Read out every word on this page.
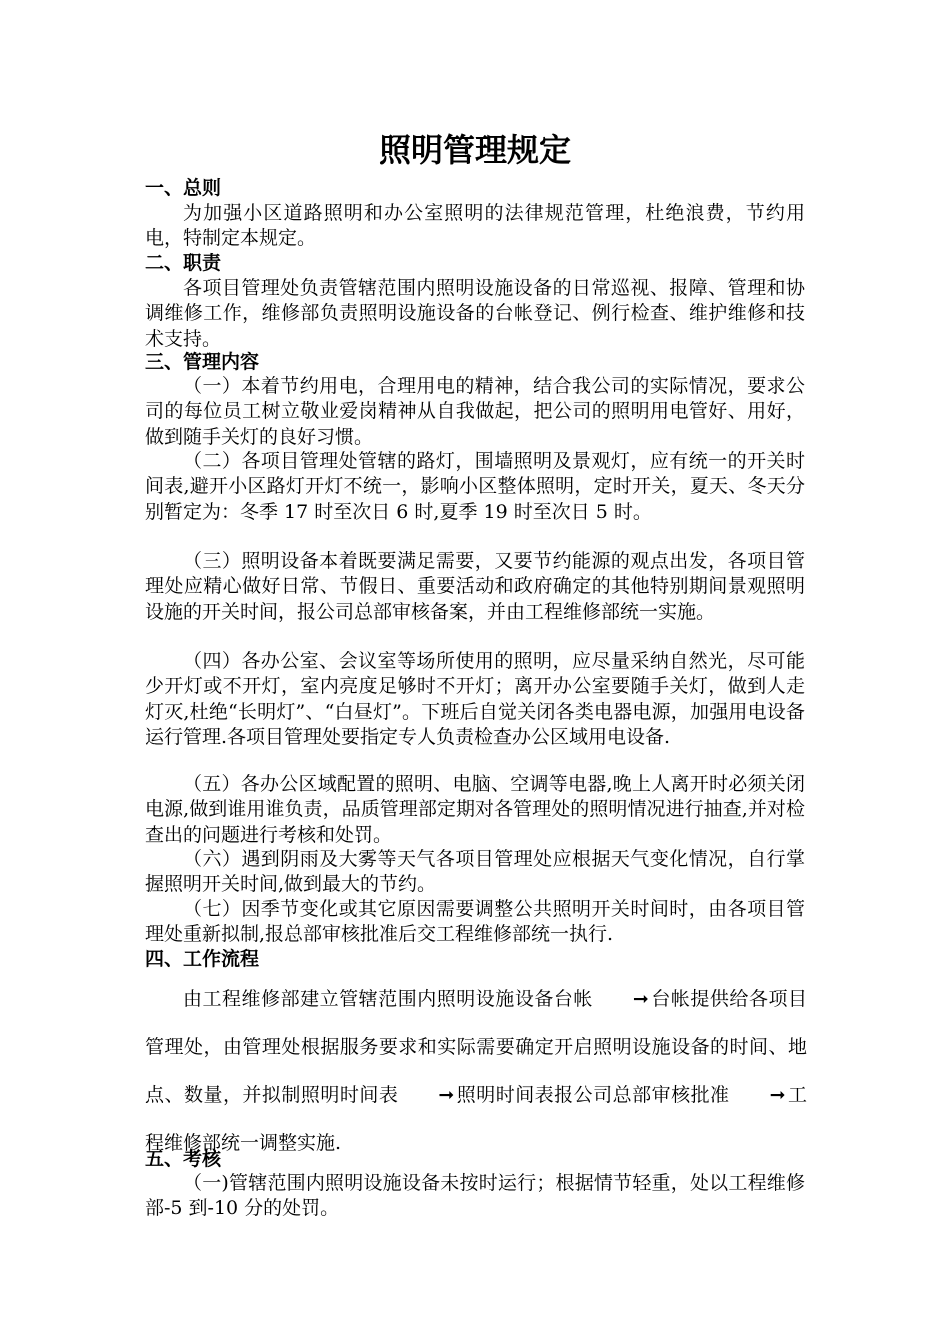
照明管理规定
一、总则
为加强小区道路照明和办公室照明的法律规范管理，杜绝浪费，节约用电，特制定本规定。
二、职责
各项目管理处负责管辖范围内照明设施设备的日常巡视、报障、管理和协调维修工作，维修部负责照明设施设备的台帐登记、例行检查、维护维修和技术支持。
三、管理内容
（一）本着节约用电，合理用电的精神，结合我公司的实际情况，要求公司的每位员工树立敬业爱岗精神从自我做起，把公司的照明用电管好、用好，做到随手关灯的良好习惯。
（二）各项目管理处管辖的路灯，围墙照明及景观灯，应有统一的开关时间表,避开小区路灯开灯不统一，影响小区整体照明，定时开关，夏天、冬天分别暂定为：冬季 17 时至次日 6 时,夏季 19 时至次日 5 时。
（三）照明设备本着既要满足需要，又要节约能源的观点出发，各项目管理处应精心做好日常、节假日、重要活动和政府确定的其他特别期间景观照明设施的开关时间，报公司总部审核备案，并由工程维修部统一实施。
（四）各办公室、会议室等场所使用的照明，应尽量采纳自然光，尽可能少开灯或不开灯，室内亮度足够时不开灯；离开办公室要随手关灯，做到人走灯灭,杜绝“长明灯”、“白昼灯”。下班后自觉关闭各类电器电源，加强用电设备运行管理.各项目管理处要指定专人负责检查办公区域用电设备.
（五）各办公区域配置的照明、电脑、空调等电器,晚上人离开时必须关闭电源,做到谁用谁负责，品质管理部定期对各管理处的照明情况进行抽查,并对检查出的问题进行考核和处罚。
（六）遇到阴雨及大雾等天气各项目管理处应根据天气变化情况，自行掌握照明开关时间,做到最大的节约。
（七）因季节变化或其它原因需要调整公共照明开关时间时，由各项目管理处重新拟制,报总部审核批准后交工程维修部统一执行.
四、工作流程
由工程维修部建立管辖范围内照明设施设备台帐 ➞ 台帐提供给各项目管理处，由管理处根据服务要求和实际需要确定开启照明设施设备的时间、地点、数量，并拟制照明时间表 ➞ 照明时间表报公司总部审核批准 ➞ 工程维修部统一调整实施.
五、考核
（一)管辖范围内照明设施设备未按时运行；根据情节轻重，处以工程维修部-5 到-10 分的处罚。
